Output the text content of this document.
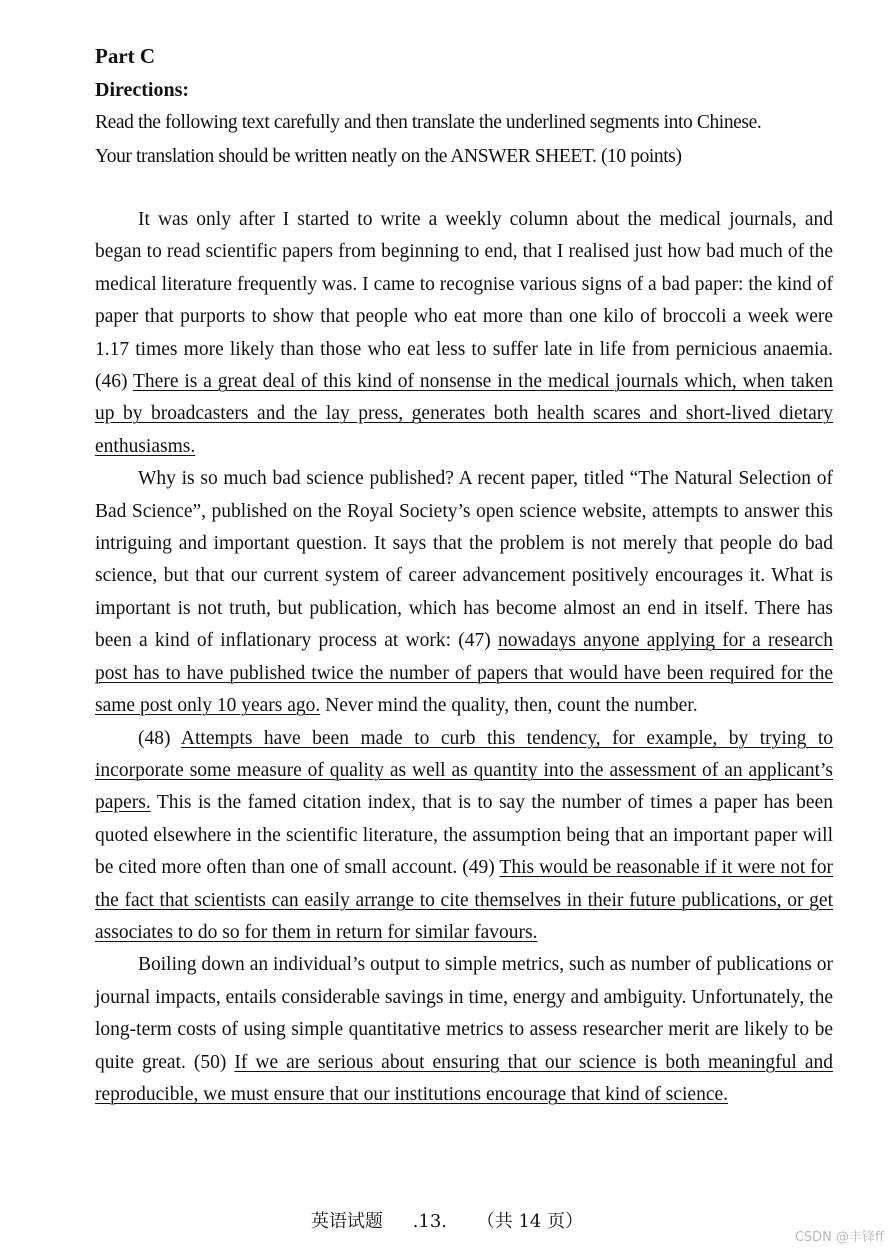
Part C
Directions:
Read the following text carefully and then translate the underlined segments into Chinese.
Your translation should be written neatly on the ANSWER SHEET. (10 points)

It was only after I started to write a weekly column about the medical journals, and began to read scientific papers from beginning to end, that I realised just how bad much of the medical literature frequently was. I came to recognise various signs of a bad paper: the kind of paper that purports to show that people who eat more than one kilo of broccoli a week were 1.17 times more likely than those who eat less to suffer late in life from pernicious anaemia. (46) There is a great deal of this kind of nonsense in the medical journals which, when taken up by broadcasters and the lay press, generates both health scares and short-lived dietary enthusiasms.

Why is so much bad science published? A recent paper, titled “The Natural Selection of Bad Science”, published on the Royal Society’s open science website, attempts to answer this intriguing and important question. It says that the problem is not merely that people do bad science, but that our current system of career advancement positively encourages it. What is important is not truth, but publication, which has become almost an end in itself. There has been a kind of inflationary process at work: (47) nowadays anyone applying for a research post has to have published twice the number of papers that would have been required for the same post only 10 years ago. Never mind the quality, then, count the number.

(48) Attempts have been made to curb this tendency, for example, by trying to incorporate some measure of quality as well as quantity into the assessment of an applicant’s papers. This is the famed citation index, that is to say the number of times a paper has been quoted elsewhere in the scientific literature, the assumption being that an important paper will be cited more often than one of small account. (49) This would be reasonable if it were not for the fact that scientists can easily arrange to cite themselves in their future publications, or get associates to do so for them in return for similar favours.

Boiling down an individual’s output to simple metrics, such as number of publications or journal impacts, entails considerable savings in time, energy and ambiguity. Unfortunately, the long-term costs of using simple quantitative metrics to assess researcher merit are likely to be quite great. (50) If we are serious about ensuring that our science is both meaningful and reproducible, we must ensure that our institutions encourage that kind of science.

英语试题 .13. （共 14 页）
CSDN @丰锋ff
